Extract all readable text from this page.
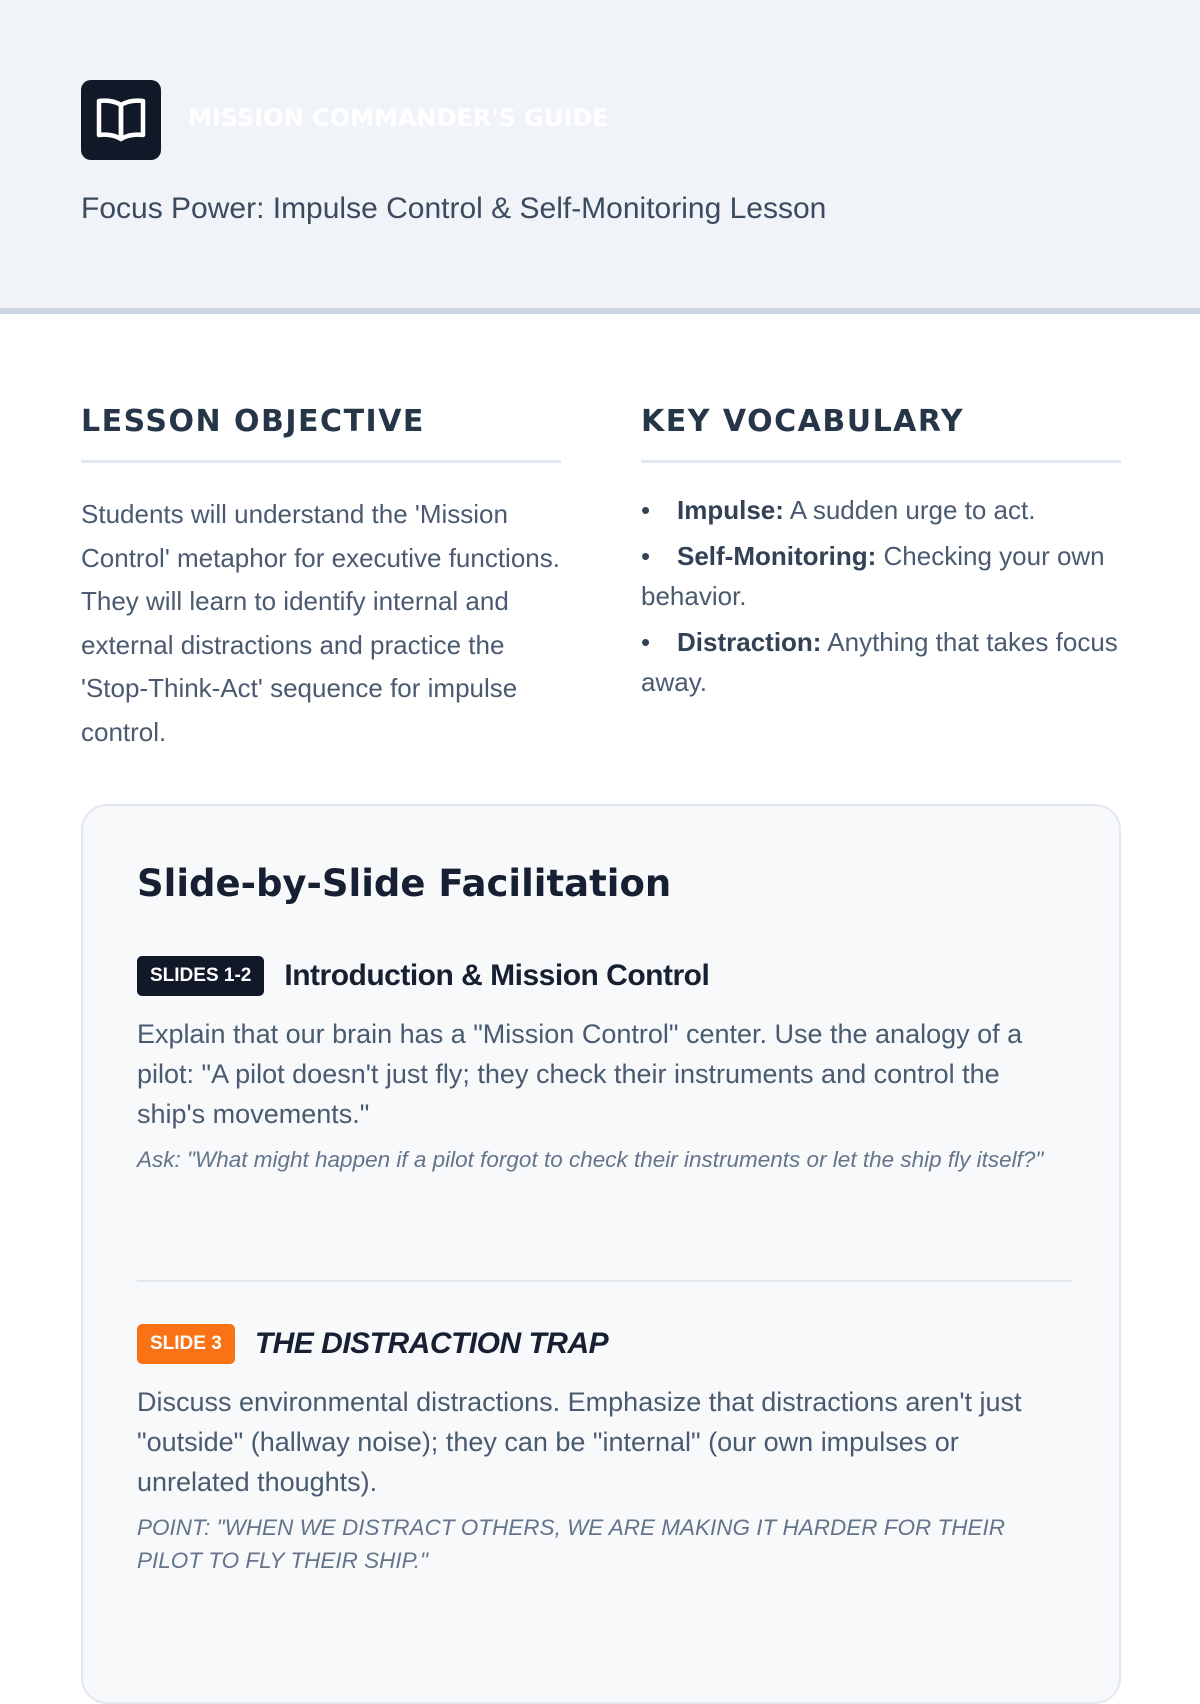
MISSION COMMANDER'S GUIDE
Focus Power: Impulse Control & Self-Monitoring Lesson
LESSON OBJECTIVE
Students will understand the 'Mission Control' metaphor for executive functions. They will learn to identify internal and external distractions and practice the 'Stop-Think-Act' sequence for impulse control.
KEY VOCABULARY
• Impulse: A sudden urge to act.
• Self-Monitoring: Checking your own behavior.
• Distraction: Anything that takes focus away.
Slide-by-Slide Facilitation
SLIDES 1-2	Introduction & Mission Control
Explain that our brain has a "Mission Control" center. Use the analogy of a pilot: "A pilot doesn't just fly; they check their instruments and control the ship's movements."
Ask: "What might happen if a pilot forgot to check their instruments or let the ship fly itself?"
SLIDE 3	THE DISTRACTION TRAP
Discuss environmental distractions. Emphasize that distractions aren't just "outside" (hallway noise); they can be "internal" (our own impulses or unrelated thoughts).
POINT: "WHEN WE DISTRACT OTHERS, WE ARE MAKING IT HARDER FOR THEIR PILOT TO FLY THEIR SHIP."
